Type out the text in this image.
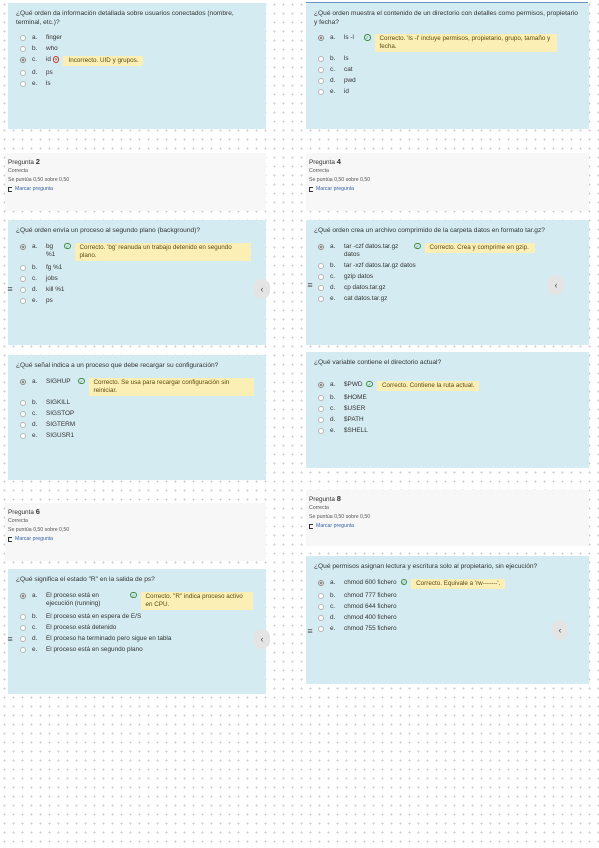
¿Qué orden da información detallada sobre usuarios conectados (nombre, terminal, etc.)?

a.	finger
b.	who
c.	id ✕	Incorrecto. UID y grupos.
d.	ps
e.	ls

¿Qué orden muestra el contenido de un directorio con detalles como permisos, propietario y fecha?

a.	ls -l	✓	Correcto. 'ls -l' incluye permisos, propietario, grupo, tamaño y fecha.
b.	ls
c.	cat
d.	pwd
e.	id
Pregunta 2
Correcta
Se puntúa 0,50 sobre 0,50
Marcar pregunta
Pregunta 4
Correcta
Se puntúa 0,50 sobre 0,50
Marcar pregunta

¿Qué orden envía un proceso al segundo plano (background)?

a.	bg %1
✓	Correcto. 'bg' reanuda un trabajo detenido en segundo plano.
b.	fg %1
c.	jobs
d.	kill %1
e.	ps

¿Qué orden crea un archivo comprimido de la carpeta datos en formato tar.gz?

a.	tar -czf datos.tar.gz datos
✓	Correcto. Crea y comprime en gzip.
b.	tar -xzf datos.tar.gz datos
c.	gzip datos
d.	cp datos.tar.gz
e.	cat datos.tar.gz
≡	‹	≡	‹

¿Qué señal indica a un proceso que debe recargar su configuración?

a.	SIGHUP	✓	Correcto. Se usa para recargar configuración sin reiniciar.
b.	SIGKILL
c.	SIGSTOP
d.	SIGTERM
e.	SIGUSR1

¿Qué variable contiene el directorio actual?

a.	$PWD ✓	Correcto. Contiene la ruta actual.
b.	$HOME
c.	$USER
d.	$PATH
e.	$SHELL
Pregunta 8
Correcta
Se puntúa 0,50 sobre 0,50
Marcar pregunta
Pregunta 6
Correcta
Se puntúa 0,50 sobre 0,50
Marcar pregunta

¿Qué permisos asignan lectura y escritura solo al propietario, sin ejecución?

a.	chmod 600 fichero ✓	Correcto. Equivale a 'rw-------'.
b.	chmod 777 fichero
c.	chmod 644 fichero
d.	chmod 400 fichero
e.	chmod 755 fichero

¿Qué significa el estado "R" en la salida de ps?

a.	El proceso está en ejecución (running)
✓	Correcto. "R" indica proceso activo en CPU.
b.	El proceso está en espera de E/S
c.	El proceso está detenido
d.	El proceso ha terminado pero sigue en tabla
e.	El proceso está en segundo plano
≡	‹
≡	‹
